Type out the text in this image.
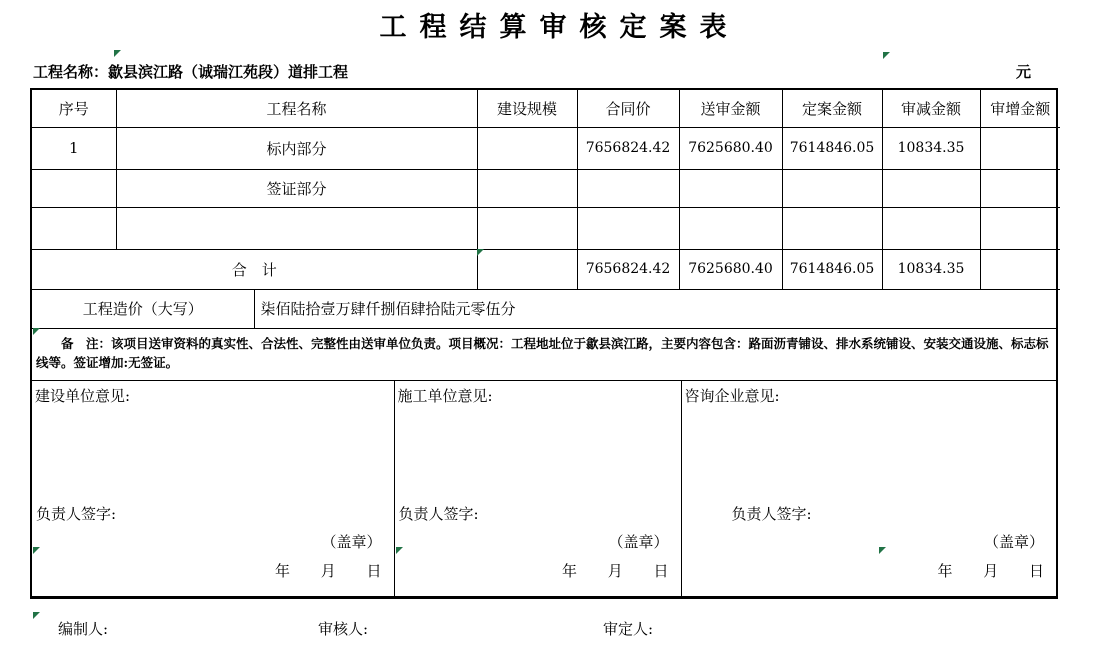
工程结算审核定案表
工程名称：歙县滨江路（诚瑞江苑段）道排工程	元
序号	工程名称	建设规模	合同价	送审金额	定案金额	审减金额	审增金额
1	标内部分		7656824.42	7625680.40	7614846.05	10834.35	
	签证部分						

合　计			7656824.42	7625680.40	7614846.05	10834.35	
工程造价（大写）	柒佰陆拾壹万肆仟捌佰肆拾陆元零伍分
备　注：该项目送审资料的真实性、合法性、完整性由送审单位负责。项目概况：工程地址位于歙县滨江路，主要内容包含：路面沥青铺设、排水系统铺设、安装交通设施、标志标线等。签证增加:无签证。
建设单位意见:
负责人签字:
（盖章）
年 月 日

施工单位意见:
负责人签字:
（盖章）
年 月 日

咨询企业意见:
负责人签字:
（盖章）
年 月 日
编制人:	审核人:	审定人:
